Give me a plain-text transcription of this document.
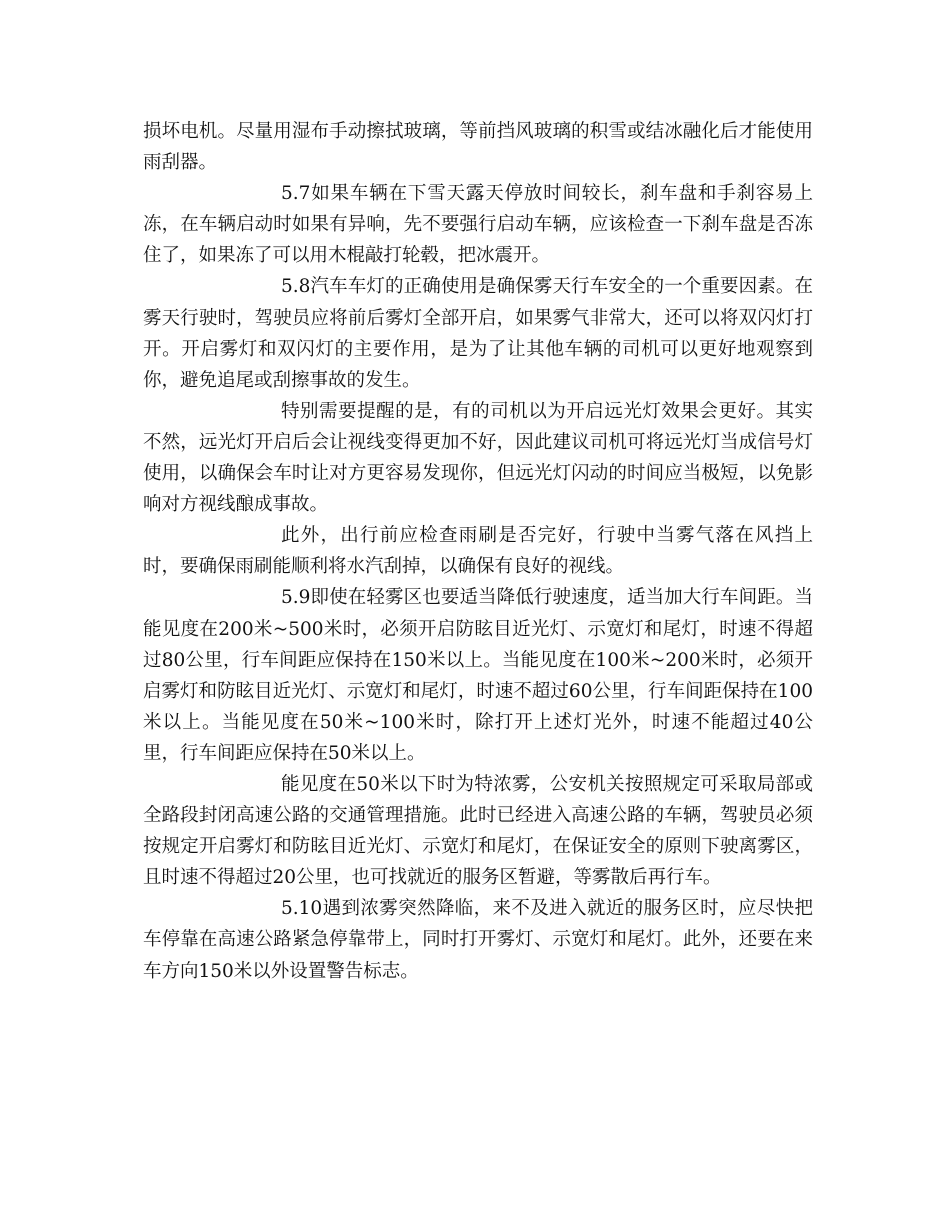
损坏电机。尽量用湿布手动擦拭玻璃，等前挡风玻璃的积雪或结冰融化后才能使用雨刮器。

5.7如果车辆在下雪天露天停放时间较长，刹车盘和手刹容易上冻，在车辆启动时如果有异响，先不要强行启动车辆，应该检查一下刹车盘是否冻住了，如果冻了可以用木棍敲打轮毂，把冰震开。

5.8汽车车灯的正确使用是确保雾天行车安全的一个重要因素。在雾天行驶时，驾驶员应将前后雾灯全部开启，如果雾气非常大，还可以将双闪灯打开。开启雾灯和双闪灯的主要作用，是为了让其他车辆的司机可以更好地观察到你，避免追尾或刮擦事故的发生。

特别需要提醒的是，有的司机以为开启远光灯效果会更好。其实不然，远光灯开启后会让视线变得更加不好，因此建议司机可将远光灯当成信号灯使用，以确保会车时让对方更容易发现你，但远光灯闪动的时间应当极短，以免影响对方视线酿成事故。

此外，出行前应检查雨刷是否完好，行驶中当雾气落在风挡上时，要确保雨刷能顺利将水汽刮掉，以确保有良好的视线。

5.9即使在轻雾区也要适当降低行驶速度，适当加大行车间距。当能见度在200米~500米时，必须开启防眩目近光灯、示宽灯和尾灯，时速不得超过80公里，行车间距应保持在150米以上。当能见度在100米~200米时，必须开启雾灯和防眩目近光灯、示宽灯和尾灯，时速不超过60公里，行车间距保持在100米以上。当能见度在50米~100米时，除打开上述灯光外，时速不能超过40公里，行车间距应保持在50米以上。

能见度在50米以下时为特浓雾，公安机关按照规定可采取局部或全路段封闭高速公路的交通管理措施。此时已经进入高速公路的车辆，驾驶员必须按规定开启雾灯和防眩目近光灯、示宽灯和尾灯，在保证安全的原则下驶离雾区，且时速不得超过20公里，也可找就近的服务区暂避，等雾散后再行车。

5.10遇到浓雾突然降临，来不及进入就近的服务区时，应尽快把车停靠在高速公路紧急停靠带上，同时打开雾灯、示宽灯和尾灯。此外，还要在来车方向150米以外设置警告标志。
